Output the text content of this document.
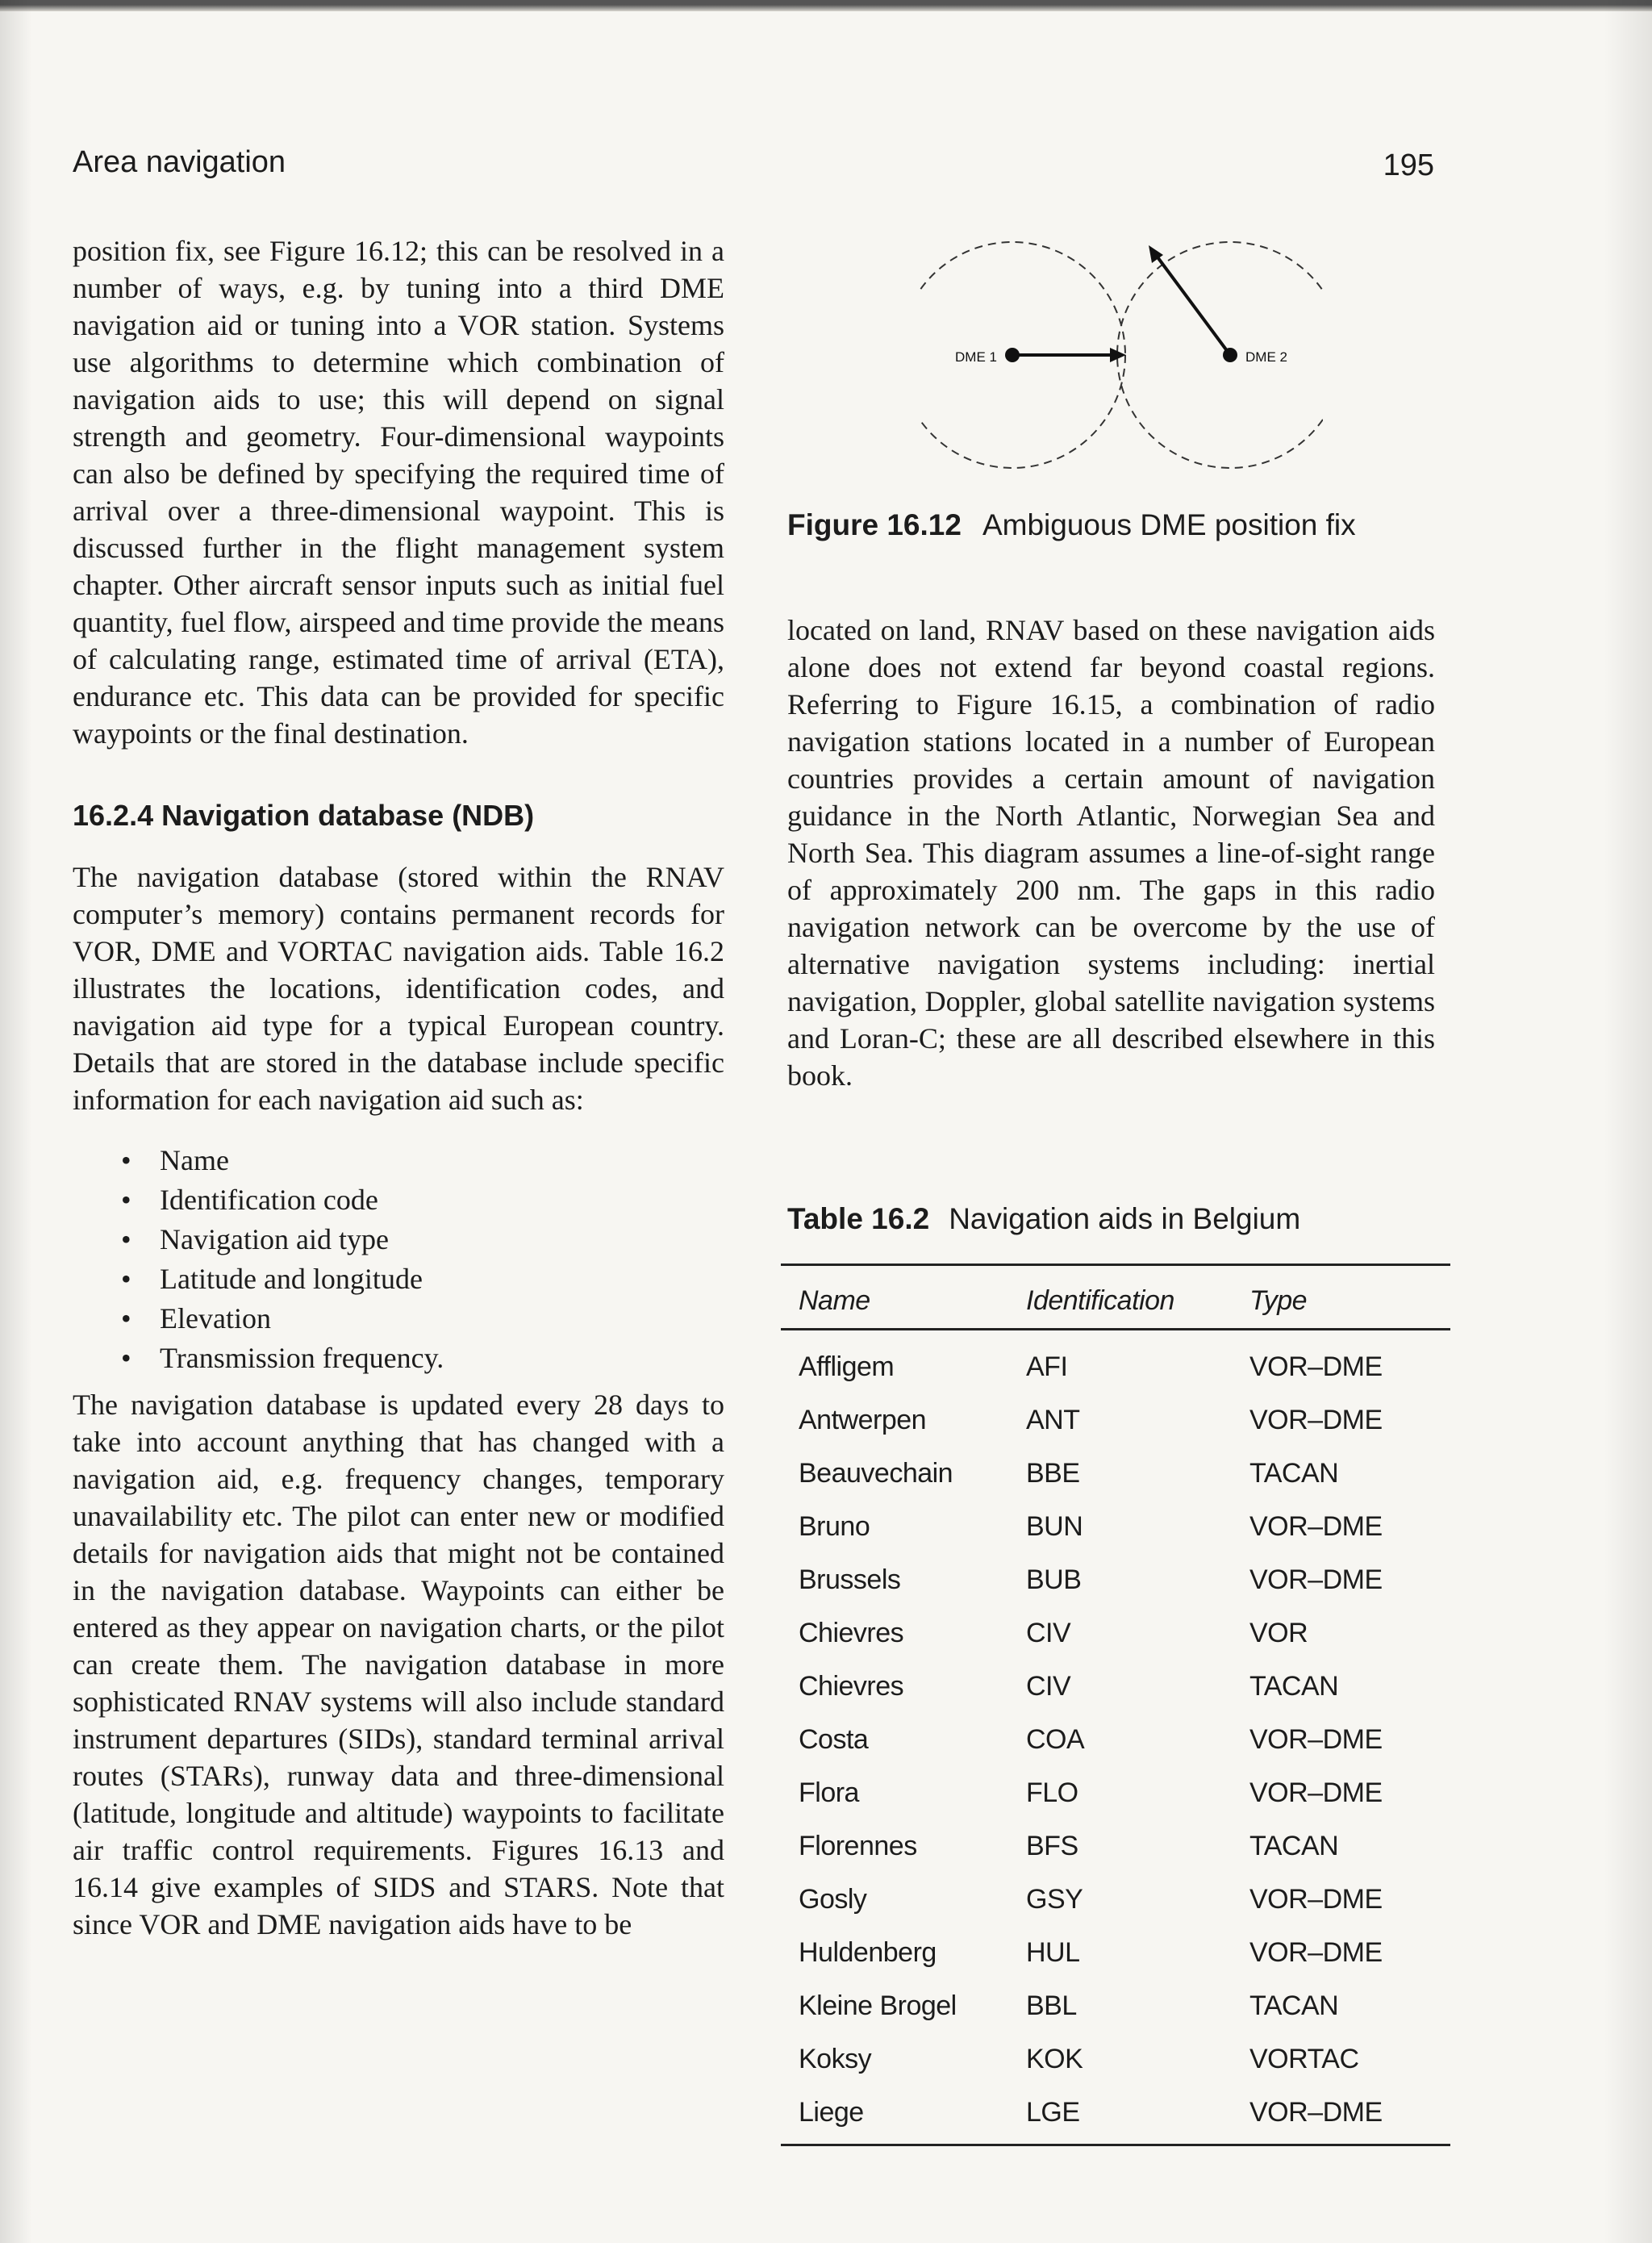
Area navigation	195

position fix, see Figure 16.12; this can be resolved in a number of ways, e.g. by tuning into a third DME navigation aid or tuning into a VOR station. Systems use algorithms to determine which combination of navigation aids to use; this will depend on signal strength and geometry. Four-dimensional waypoints can also be defined by specifying the required time of arrival over a three-dimensional waypoint. This is discussed further in the flight management system chapter. Other aircraft sensor inputs such as initial fuel quantity, fuel flow, airspeed and time provide the means of calculating range, estimated time of arrival (ETA), endurance etc. This data can be provided for specific waypoints or the final destination.

16.2.4 Navigation database (NDB)

The navigation database (stored within the RNAV computer’s memory) contains permanent records for VOR, DME and VORTAC navigation aids. Table 16.2 illustrates the locations, identification codes, and navigation aid type for a typical European country. Details that are stored in the database include specific information for each navigation aid such as:

• Name
• Identification code
• Navigation aid type
• Latitude and longitude
• Elevation
• Transmission frequency.

The navigation database is updated every 28 days to take into account anything that has changed with a navigation aid, e.g. frequency changes, temporary unavailability etc. The pilot can enter new or modified details for navigation aids that might not be contained in the navigation database. Waypoints can either be entered as they appear on navigation charts, or the pilot can create them. The navigation database in more sophisticated RNAV systems will also include standard instrument departures (SIDs), standard terminal arrival routes (STARs), runway data and three-dimensional (latitude, longitude and altitude) waypoints to facilitate air traffic control requirements. Figures 16.13 and 16.14 give examples of SIDS and STARS. Note that since VOR and DME navigation aids have to be

DME 1	DME 2
Figure 16.12 Ambiguous DME position fix

located on land, RNAV based on these navigation aids alone does not extend far beyond coastal regions. Referring to Figure 16.15, a combination of radio navigation stations located in a number of European countries provides a certain amount of navigation guidance in the North Atlantic, Norwegian Sea and North Sea. This diagram assumes a line-of-sight range of approximately 200 nm. The gaps in this radio navigation network can be overcome by the use of alternative navigation systems including: inertial navigation, Doppler, global satellite navigation systems and Loran-C; these are all described elsewhere in this book.

Table 16.2 Navigation aids in Belgium
Name	Identification	Type
Affligem	AFI	VOR–DME
Antwerpen	ANT	VOR–DME
Beauvechain	BBE	TACAN
Bruno	BUN	VOR–DME
Brussels	BUB	VOR–DME
Chievres	CIV	VOR
Chievres	CIV	TACAN
Costa	COA	VOR–DME
Flora	FLO	VOR–DME
Florennes	BFS	TACAN
Gosly	GSY	VOR–DME
Huldenberg	HUL	VOR–DME
Kleine Brogel	BBL	TACAN
Koksy	KOK	VORTAC
Liege	LGE	VOR–DME
